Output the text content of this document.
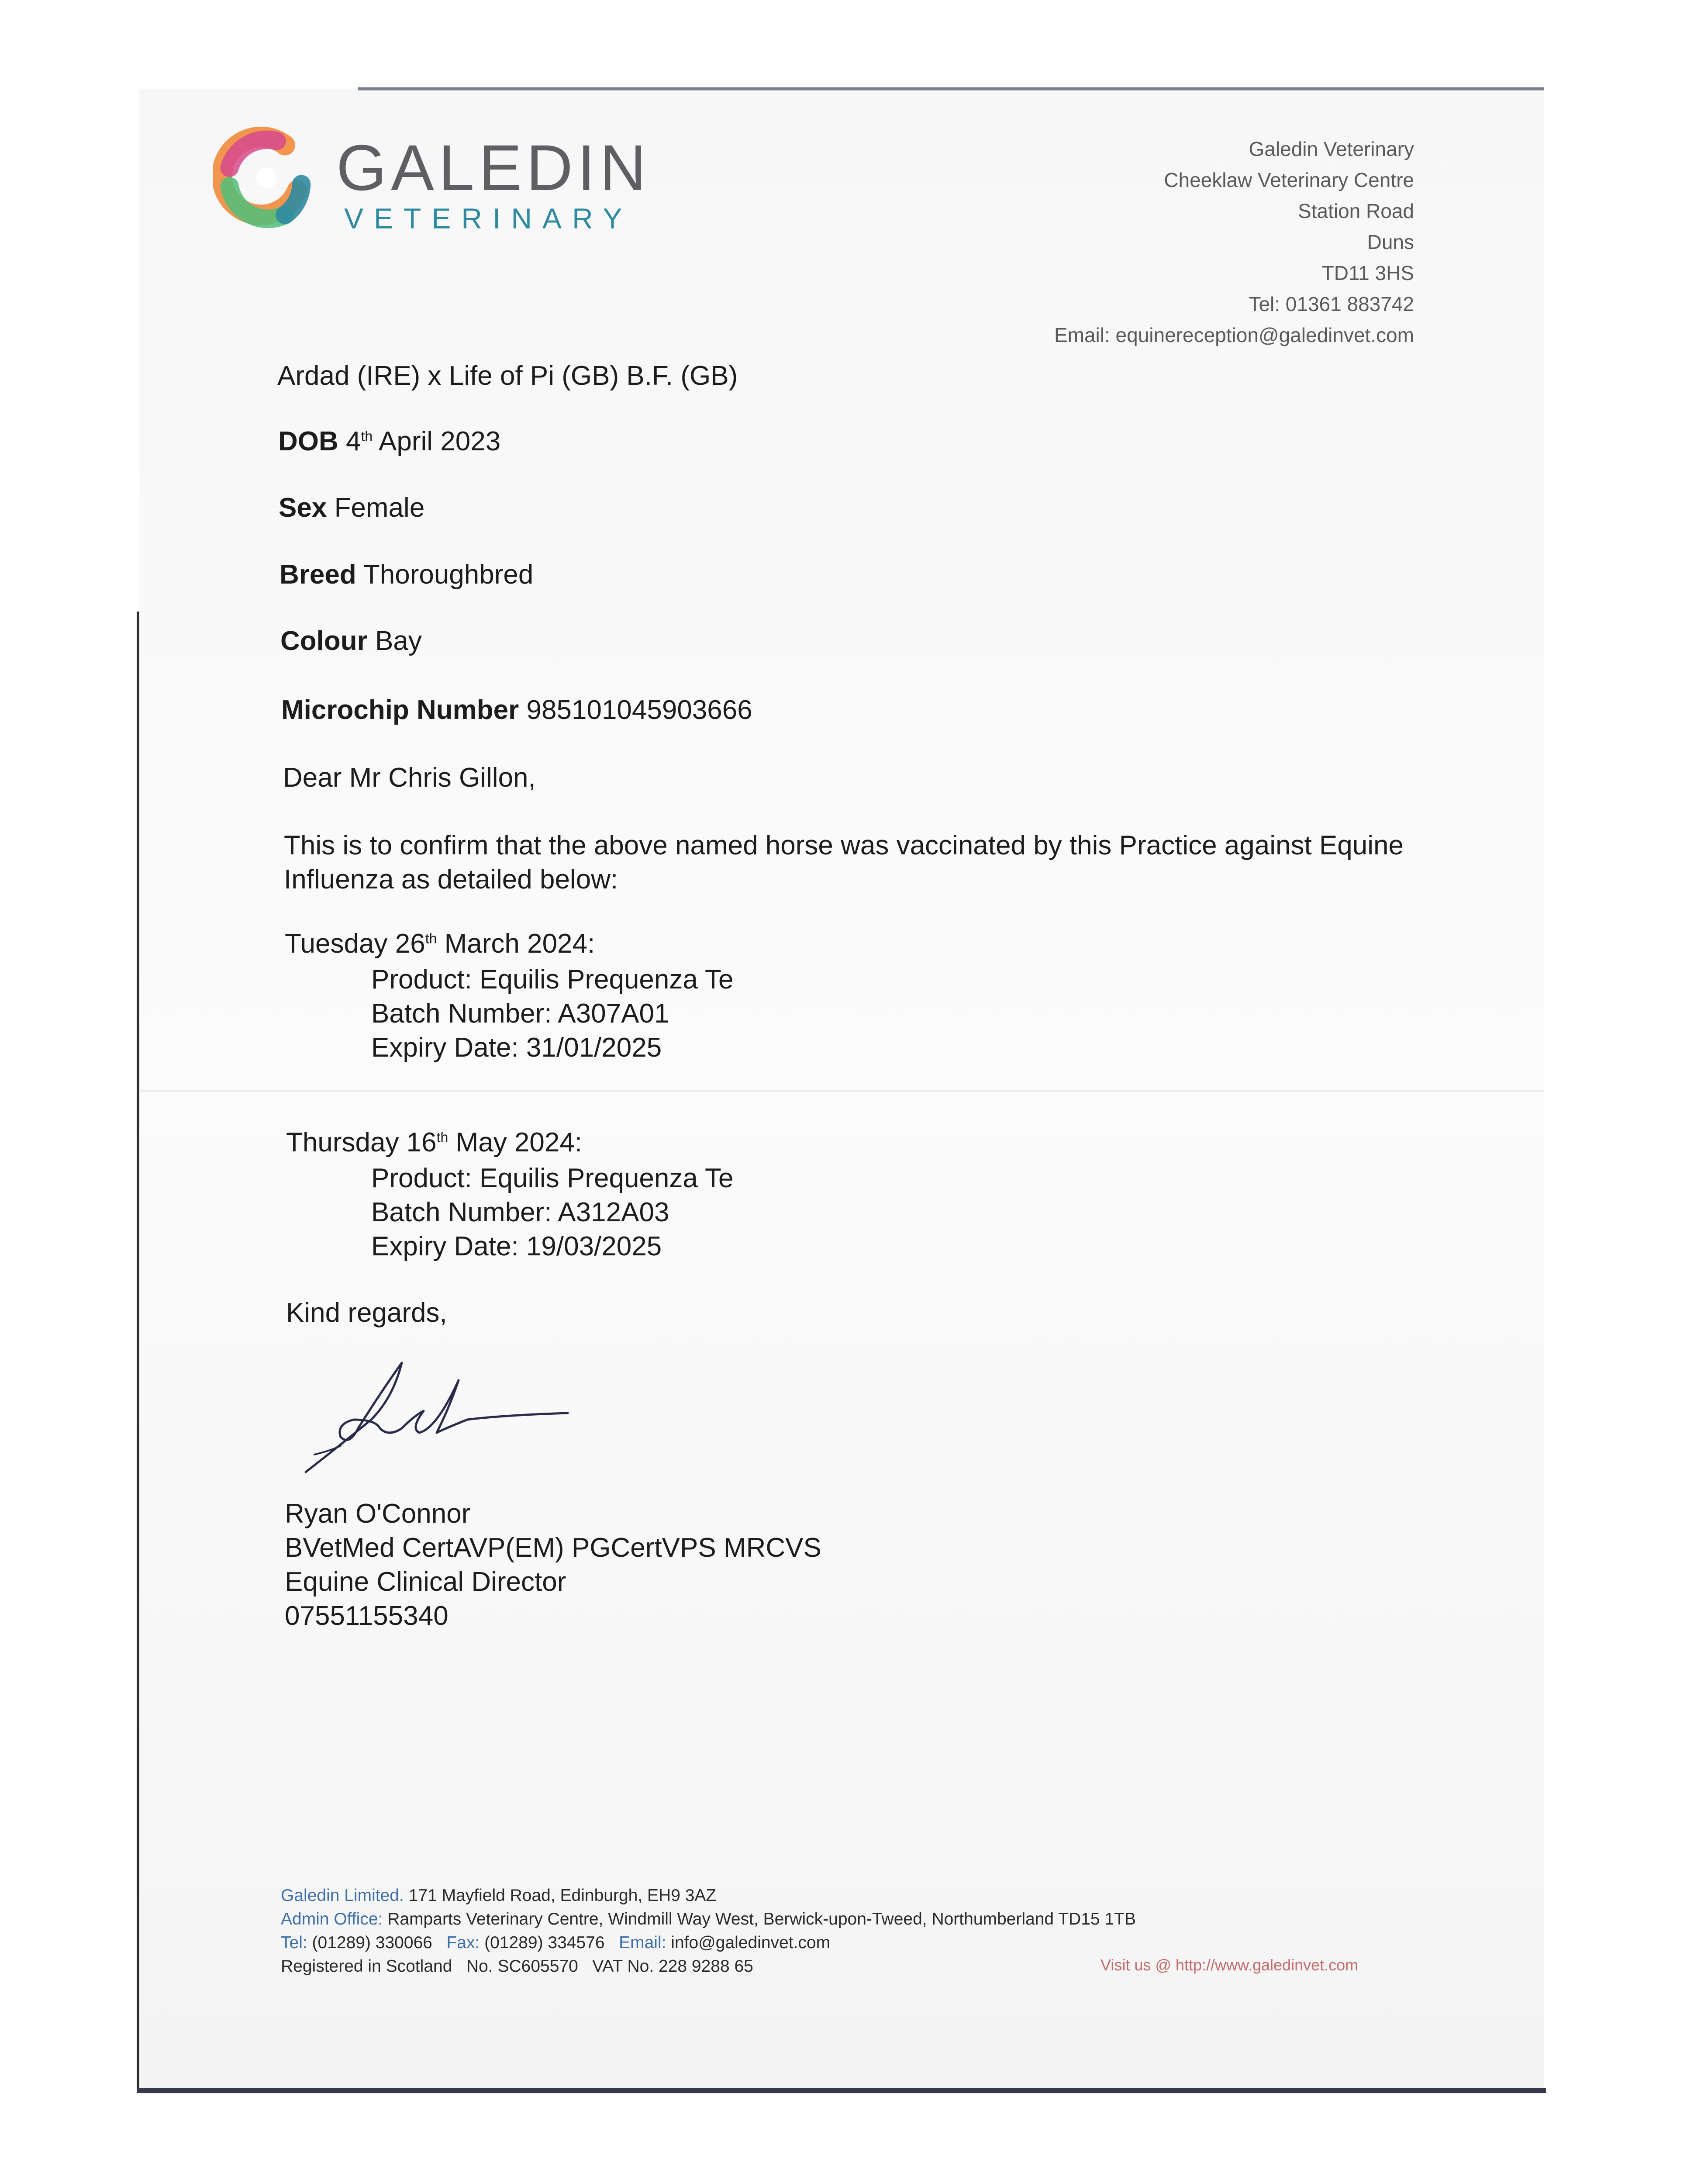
GALEDIN
VETERINARY
Galedin Veterinary
Cheeklaw Veterinary Centre
Station Road
Duns
TD11 3HS
Tel: 01361 883742
Email: equinereception@galedinvet.com
Ardad (IRE) x Life of Pi (GB) B.F. (GB)
DOB 4th April 2023
Sex Female
Breed Thoroughbred
Colour Bay
Microchip Number 985101045903666
Dear Mr Chris Gillon,
This is to confirm that the above named horse was vaccinated by this Practice against Equine
Influenza as detailed below:
Tuesday 26th March 2024:
Product: Equilis Prequenza Te
Batch Number: A307A01
Expiry Date: 31/01/2025
Thursday 16th May 2024:
Product: Equilis Prequenza Te
Batch Number: A312A03
Expiry Date: 19/03/2025
Kind regards,
Ryan O'Connor
BVetMed CertAVP(EM) PGCertVPS MRCVS
Equine Clinical Director
07551155340
Galedin Limited. 171 Mayfield Road, Edinburgh, EH9 3AZ
Admin Office: Ramparts Veterinary Centre, Windmill Way West, Berwick-upon-Tweed, Northumberland TD15 1TB
Tel: (01289) 330066 Fax: (01289) 334576 Email: info@galedinvet.com
Registered in Scotland No. SC605570 VAT No. 228 9288 65	Visit us @ http://www.galedinvet.com
